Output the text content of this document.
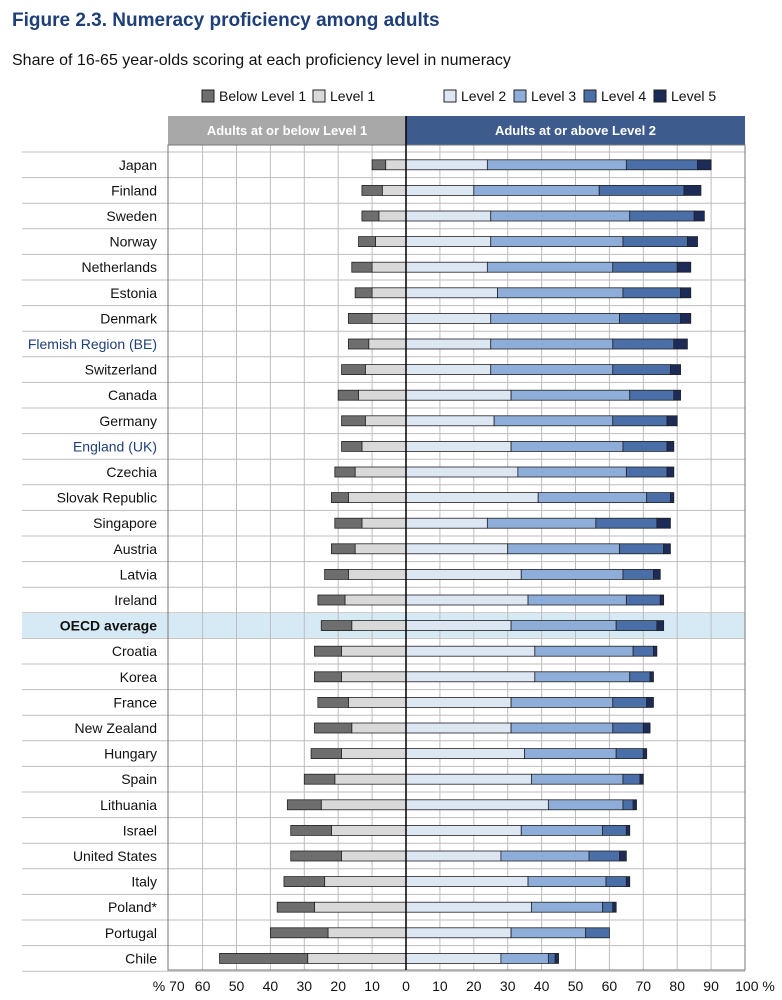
Figure 2.3. Numeracy proficiency among adults
Share of 16-65 year-olds scoring at each proficiency level in numeracy
Below Level 1 Level 1	Level 2 Level 3 Level 4 Level 5
Adults at or below Level 1	Adults at or above Level 2
Japan
Finland
Sweden
Norway
Netherlands
Estonia
Denmark
Flemish Region (BE)
Switzerland
Canada
Germany
England (UK)
Czechia
Slovak Republic
Singapore
Austria
Latvia
Ireland
OECD average
Croatia
Korea
France
New Zealand
Hungary
Spain
Lithuania
Israel
United States
Italy
Poland*
Portugal
Chile
% 70 60 50 40 30 20 10 0 10 20 30 40 50 60 70 80 90 100 %
